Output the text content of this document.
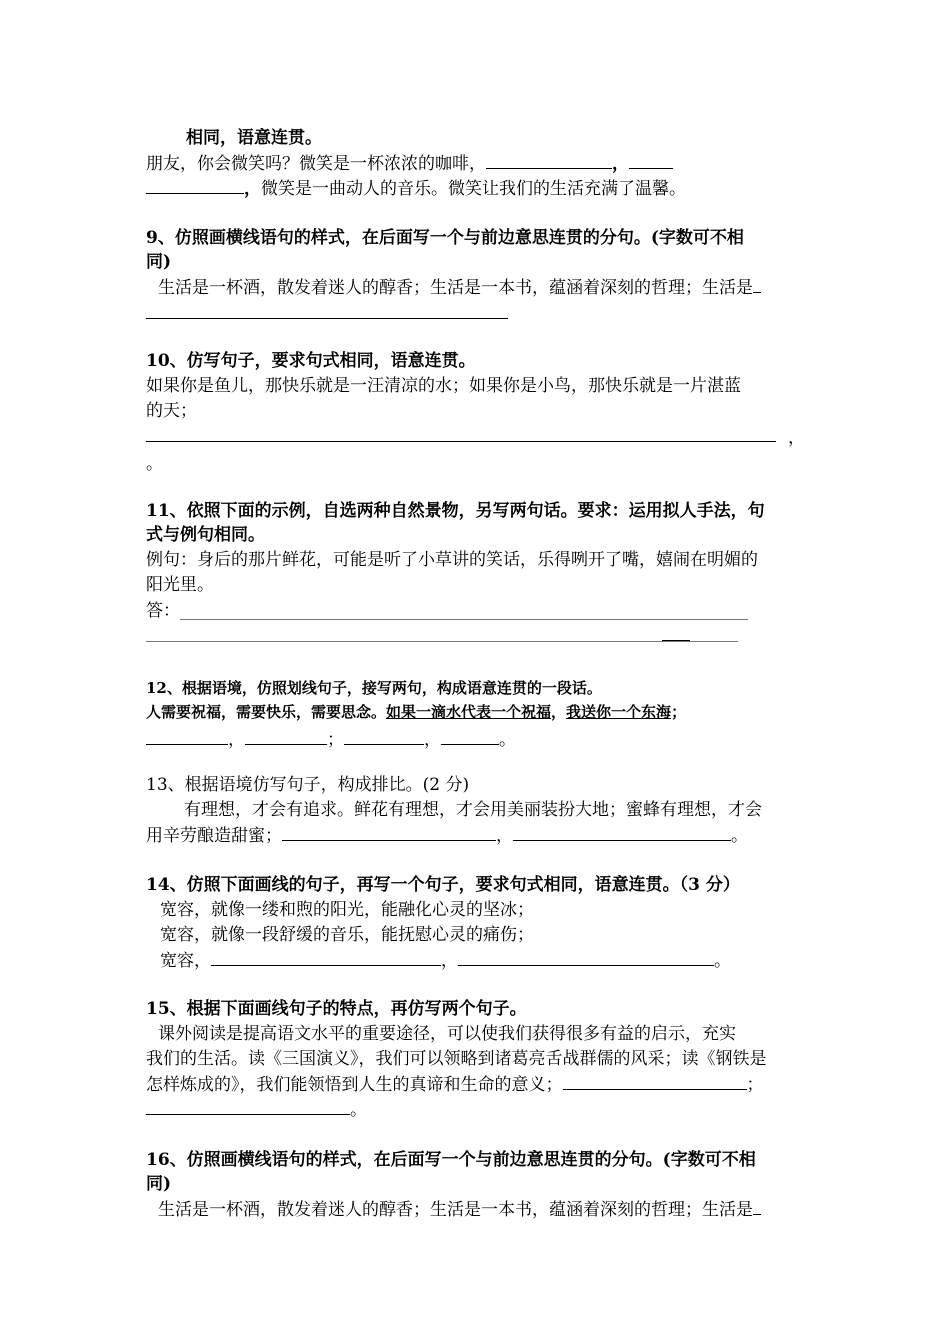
相同，语意连贯。
朋友，你会微笑吗？微笑是一杯浓浓的咖啡，	，
，微笑是一曲动人的音乐。微笑让我们的生活充满了温馨。
9、仿照画横线语句的样式，在后面写一个与前边意思连贯的分句。(字数可不相
同)
生活是一杯酒，散发着迷人的醇香；生活是一本书，蕴涵着深刻的哲理；生活是
10、仿写句子，要求句式相同，语意连贯。
如果你是鱼儿，那快乐就是一汪清凉的水；如果你是小鸟，那快乐就是一片湛蓝
的天；
，
。
11、依照下面的示例，自选两种自然景物，另写两句话。要求：运用拟人手法，句
式与例句相同。
例句：身后的那片鲜花，可能是听了小草讲的笑话，乐得咧开了嘴，嬉闹在明媚的
阳光里。
答：
12、根据语境，仿照划线句子，接写两句，构成语意连贯的一段话。
人需要祝福，需要快乐，需要思念。如果一滴水代表一个祝福，我送你一个东海；
，	；	，	。
13、根据语境仿写句子，构成排比。(2 分)
有理想，才会有追求。鲜花有理想，才会用美丽装扮大地；蜜蜂有理想，才会
用辛劳酿造甜蜜；	，	。
14、仿照下面画线的句子，再写一个句子，要求句式相同，语意连贯。（3 分）
宽容，就像一缕和煦的阳光，能融化心灵的坚冰；
宽容，就像一段舒缓的音乐，能抚慰心灵的痛伤；
宽容，	，	。
15、根据下面画线句子的特点，再仿写两个句子。
课外阅读是提高语文水平的重要途径，可以使我们获得很多有益的启示，充实
我们的生活。读《三国演义》，我们可以领略到诸葛亮舌战群儒的风采；读《钢铁是
怎样炼成的》，我们能领悟到人生的真谛和生命的意义；	；
。
16、仿照画横线语句的样式，在后面写一个与前边意思连贯的分句。(字数可不相
同)
生活是一杯酒，散发着迷人的醇香；生活是一本书，蕴涵着深刻的哲理；生活是
